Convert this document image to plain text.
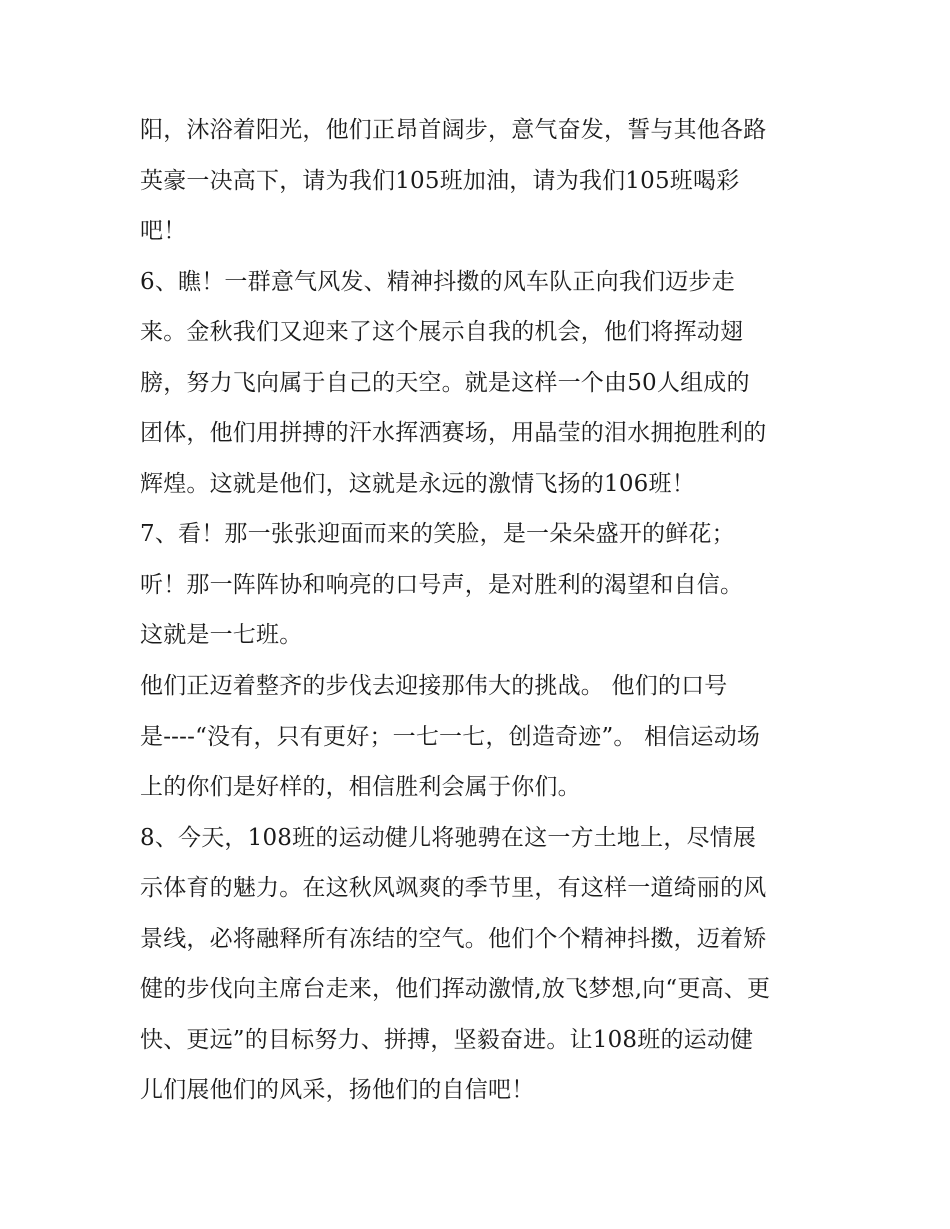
阳，沐浴着阳光，他们正昂首阔步，意气奋发，誓与其他各路

英豪一决高下，请为我们105班加油，请为我们105班喝彩

吧！

6、瞧！一群意气风发、精神抖擞的风车队正向我们迈步走

来。金秋我们又迎来了这个展示自我的机会，他们将挥动翅

膀，努力飞向属于自己的天空。就是这样一个由50人组成的

团体，他们用拼搏的汗水挥洒赛场，用晶莹的泪水拥抱胜利的

辉煌。这就是他们，这就是永远的激情飞扬的106班！

7、看！那一张张迎面而来的笑脸，是一朵朵盛开的鲜花；

听！那一阵阵协和响亮的口号声，是对胜利的渴望和自信。

这就是一七班。

他们正迈着整齐的步伐去迎接那伟大的挑战。 他们的口号

是----“没有，只有更好；一七一七，创造奇迹”。 相信运动场

上的你们是好样的，相信胜利会属于你们。

8、今天，108班的运动健儿将驰骋在这一方土地上，尽情展

示体育的魅力。在这秋风飒爽的季节里，有这样一道绮丽的风

景线，必将融释所有冻结的空气。他们个个精神抖擞，迈着矫

健的步伐向主席台走来，他们挥动激情,放飞梦想,向“更高、更

快、更远”的目标努力、拼搏，坚毅奋进。让108班的运动健

儿们展他们的风采，扬他们的自信吧！
